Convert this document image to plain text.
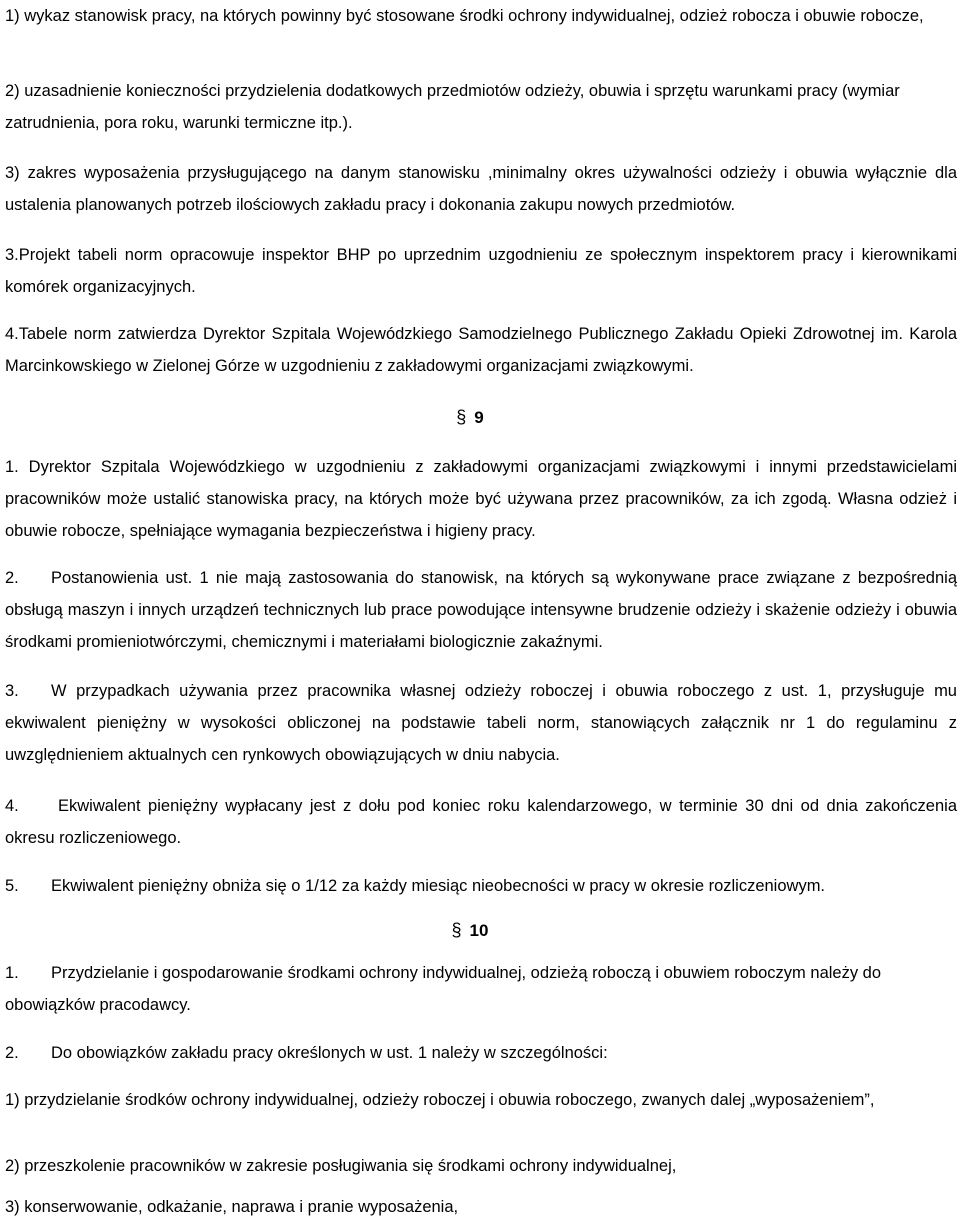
1) wykaz stanowisk pracy, na których powinny być stosowane środki ochrony indywidualnej, odzież robocza i obuwie robocze,

2) uzasadnienie konieczności przydzielenia dodatkowych przedmiotów odzieży, obuwia i sprzętu warunkami pracy (wymiar zatrudnienia, pora roku, warunki termiczne itp.).

3) zakres wyposażenia przysługującego na danym stanowisku ,minimalny okres używalności odzieży i obuwia wyłącznie dla ustalenia planowanych potrzeb ilościowych zakładu pracy i dokonania zakupu nowych przedmiotów.

3.Projekt tabeli norm opracowuje inspektor BHP po uprzednim uzgodnieniu ze społecznym inspektorem pracy i kierownikami komórek organizacyjnych.

4.Tabele norm zatwierdza Dyrektor Szpitala Wojewódzkiego Samodzielnego Publicznego Zakładu Opieki Zdrowotnej im. Karola Marcinkowskiego w Zielonej Górze w uzgodnieniu z zakładowymi organizacjami związkowymi.

§ 9

1. Dyrektor Szpitala Wojewódzkiego w uzgodnieniu z zakładowymi organizacjami związkowymi i innymi przedstawicielami pracowników może ustalić stanowiska pracy, na których może być używana przez pracowników, za ich zgodą. Własna odzież i obuwie robocze, spełniające wymagania bezpieczeństwa i higieny pracy.

2. Postanowienia ust. 1 nie mają zastosowania do stanowisk, na których są wykonywane prace związane z bezpośrednią obsługą maszyn i innych urządzeń technicznych lub prace powodujące intensywne brudzenie odzieży i skażenie odzieży i obuwia środkami promieniotwórczymi, chemicznymi i materiałami biologicznie zakaźnymi.

3. W przypadkach używania przez pracownika własnej odzieży roboczej i obuwia roboczego z ust. 1, przysługuje mu ekwiwalent pieniężny w wysokości obliczonej na podstawie tabeli norm, stanowiących załącznik nr 1 do regulaminu z uwzględnieniem aktualnych cen rynkowych obowiązujących w dniu nabycia.

4. Ekwiwalent pieniężny wypłacany jest z dołu pod koniec roku kalendarzowego, w terminie 30 dni od dnia zakończenia okresu rozliczeniowego.

5. Ekwiwalent pieniężny obniża się o 1/12 za każdy miesiąc nieobecności w pracy w okresie rozliczeniowym.

§ 10

1. Przydzielanie i gospodarowanie środkami ochrony indywidualnej, odzieżą roboczą i obuwiem roboczym należy do obowiązków pracodawcy.

2. Do obowiązków zakładu pracy określonych w ust. 1 należy w szczególności:

1) przydzielanie środków ochrony indywidualnej, odzieży roboczej i obuwia roboczego, zwanych dalej „wyposażeniem”,

2) przeszkolenie pracowników w zakresie posługiwania się środkami ochrony indywidualnej,

3) konserwowanie, odkażanie, naprawa i pranie wyposażenia,
